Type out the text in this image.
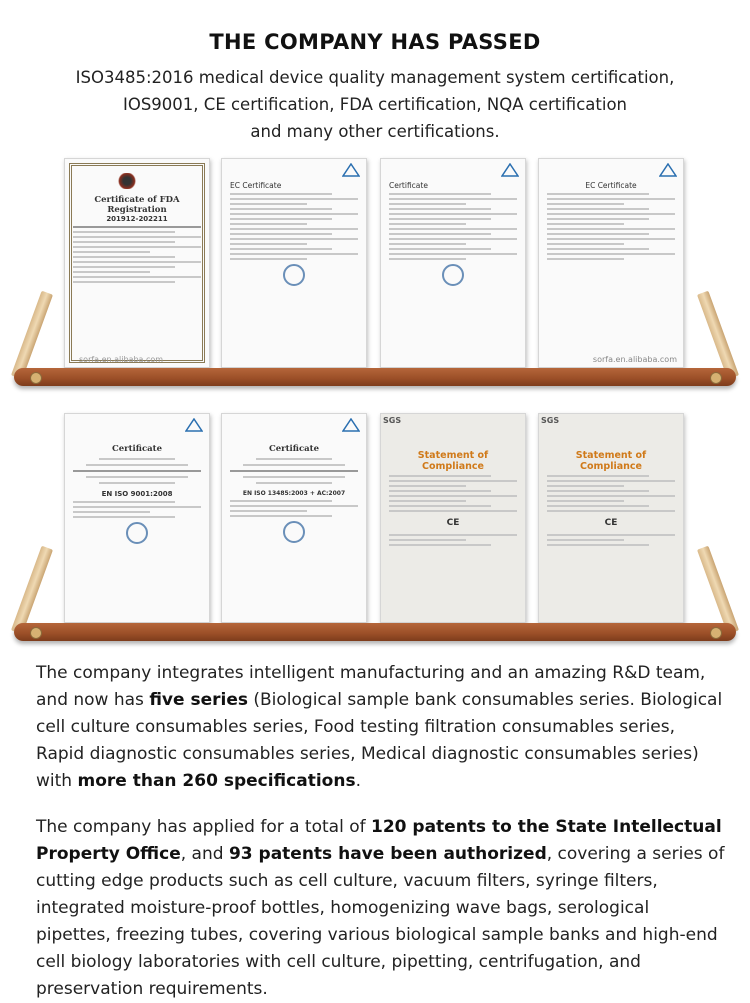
THE COMPANY HAS PASSED
ISO3485:2016 medical device quality management system certification,
IOS9001, CE certification, FDA certification, NQA certification
and many other certifications.
Certificate of FDA Registration
201912-202211
sorfa.en.alibaba.com
EC Certificate	Certificate	EC Certificate
sorfa.en.alibaba.com
Certificate
EN ISO 9001:2008
Certificate
EN ISO 13485:2003 + AC:2007
SGS
Statement of Compliance
CE
SGS
Statement of Compliance
CE
The company integrates intelligent manufacturing and an amazing R&D team, and now has five series (Biological sample bank consumables series. Biological cell culture consumables series, Food testing filtration consumables series, Rapid diagnostic consumables series, Medical diagnostic consumables series) with more than 260 specifications.
The company has applied for a total of 120 patents to the State Intellectual Property Office, and 93 patents have been authorized, covering a series of cutting edge products such as cell culture, vacuum filters, syringe filters, integrated moisture-proof bottles, homogenizing wave bags, serological pipettes, freezing tubes, covering various biological sample banks and high-end cell biology laboratories with cell culture, pipetting, centrifugation, and preservation requirements.
